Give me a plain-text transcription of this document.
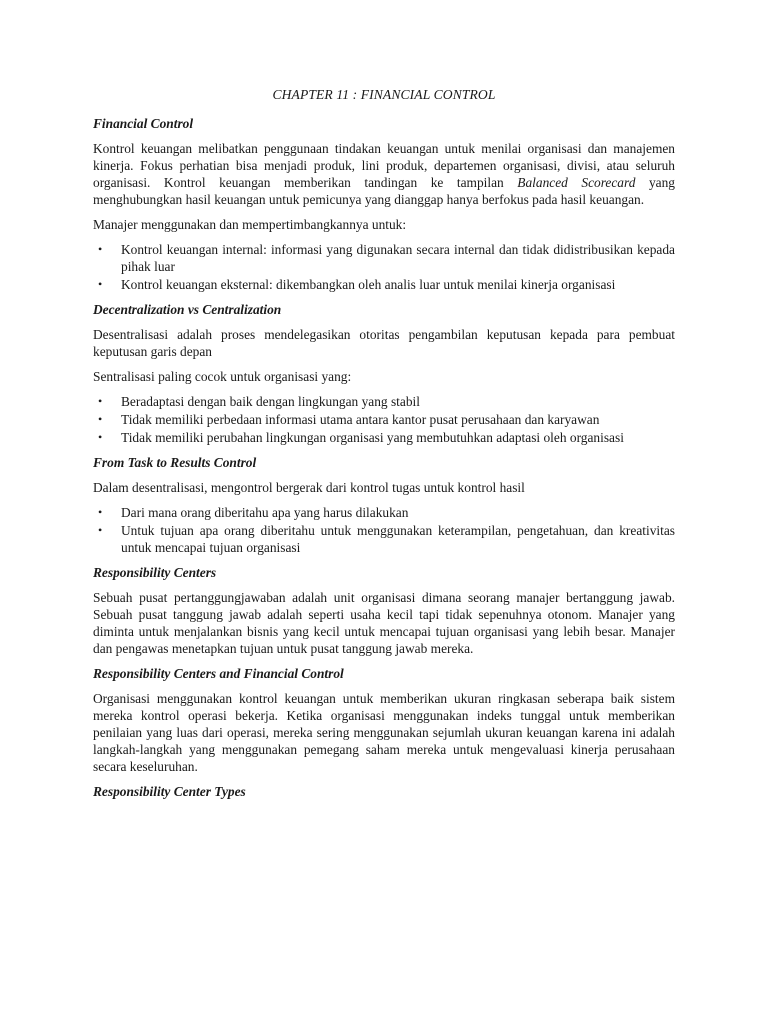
CHAPTER 11 : FINANCIAL CONTROL
Financial Control

Kontrol keuangan melibatkan penggunaan tindakan keuangan untuk menilai organisasi dan manajemen kinerja. Fokus perhatian bisa menjadi produk, lini produk, departemen organisasi, divisi, atau seluruh organisasi. Kontrol keuangan memberikan tandingan ke tampilan Balanced Scorecard yang menghubungkan hasil keuangan untuk pemicunya yang dianggap hanya berfokus pada hasil keuangan.

Manajer menggunakan dan mempertimbangkannya untuk:

• Kontrol keuangan internal: informasi yang digunakan secara internal dan tidak didistribusikan kepada pihak luar
• Kontrol keuangan eksternal: dikembangkan oleh analis luar untuk menilai kinerja organisasi
Decentralization vs Centralization

Desentralisasi adalah proses mendelegasikan otoritas pengambilan keputusan kepada para pembuat keputusan garis depan

Sentralisasi paling cocok untuk organisasi yang:

• Beradaptasi dengan baik dengan lingkungan yang stabil
• Tidak memiliki perbedaan informasi utama antara kantor pusat perusahaan dan karyawan
• Tidak memiliki perubahan lingkungan organisasi yang membutuhkan adaptasi oleh organisasi
From Task to Results Control

Dalam desentralisasi, mengontrol bergerak dari kontrol tugas untuk kontrol hasil

• Dari mana orang diberitahu apa yang harus dilakukan
• Untuk tujuan apa orang diberitahu untuk menggunakan keterampilan, pengetahuan, dan kreativitas untuk mencapai tujuan organisasi
Responsibility Centers

Sebuah pusat pertanggungjawaban adalah unit organisasi dimana seorang manajer bertanggung jawab. Sebuah pusat tanggung jawab adalah seperti usaha kecil tapi tidak sepenuhnya otonom. Manajer yang diminta untuk menjalankan bisnis yang kecil untuk mencapai tujuan organisasi yang lebih besar. Manajer dan pengawas menetapkan tujuan untuk pusat tanggung jawab mereka.

Responsibility Centers and Financial Control

Organisasi menggunakan kontrol keuangan untuk memberikan ukuran ringkasan seberapa baik sistem mereka kontrol operasi bekerja. Ketika organisasi menggunakan indeks tunggal untuk memberikan penilaian yang luas dari operasi, mereka sering menggunakan sejumlah ukuran keuangan karena ini adalah langkah-langkah yang menggunakan pemegang saham mereka untuk mengevaluasi kinerja perusahaan secara keseluruhan.

Responsibility Center Types
